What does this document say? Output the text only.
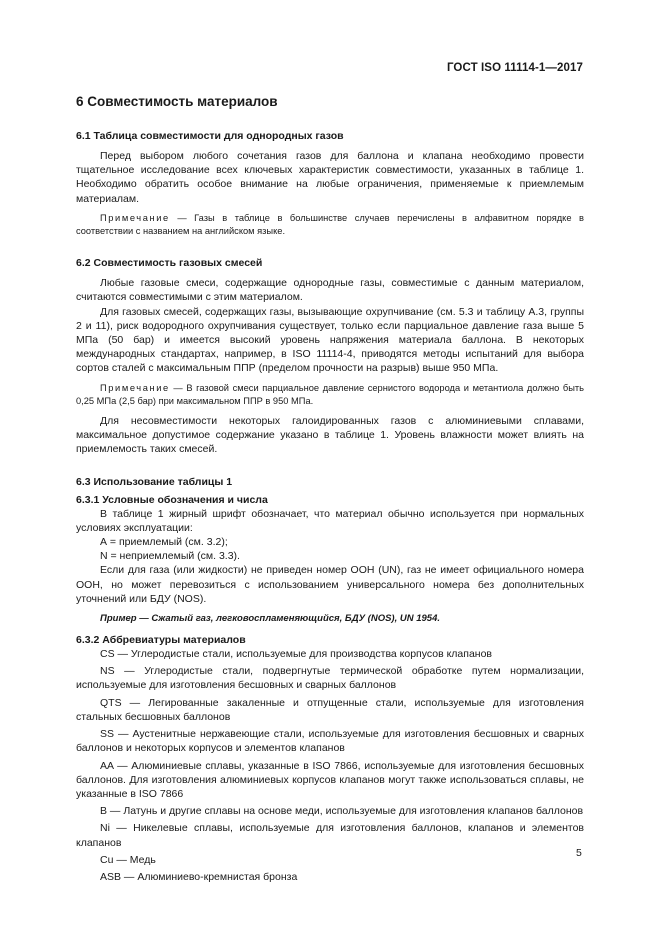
ГОСТ ISO 11114-1—2017
6 Совместимость материалов
6.1 Таблица совместимости для однородных газов

Перед выбором любого сочетания газов для баллона и клапана необходимо провести тщательное исследование всех ключевых характеристик совместимости, указанных в таблице 1. Необходимо обратить особое внимание на любые ограничения, применяемые к приемлемым материалам.

Примечание — Газы в таблице в большинстве случаев перечислены в алфавитном порядке в соответствии с названием на английском языке.

6.2 Совместимость газовых смесей

Любые газовые смеси, содержащие однородные газы, совместимые с данным материалом, считаются совместимыми с этим материалом.

Для газовых смесей, содержащих газы, вызывающие охрупчивание (см. 5.3 и таблицу А.3, группы 2 и 11), риск водородного охрупчивания существует, только если парциальное давление газа выше 5 МПа (50 бар) и имеется высокий уровень напряжения материала баллона. В некоторых международных стандартах, например, в ISO 11114-4, приводятся методы испытаний для выбора сортов сталей с максимальным ППР (пределом прочности на разрыв) выше 950 МПа.

Примечание — В газовой смеси парциальное давление сернистого водорода и метантиола должно быть 0,25 МПа (2,5 бар) при максимальном ППР в 950 МПа.

Для несовместимости некоторых галоидированных газов с алюминиевыми сплавами, максимальное допустимое содержание указано в таблице 1. Уровень влажности может влиять на приемлемость таких смесей.

6.3 Использование таблицы 1
6.3.1 Условные обозначения и числа

В таблице 1 жирный шрифт обозначает, что материал обычно используется при нормальных условиях эксплуатации:

А = приемлемый (см. 3.2);

N = неприемлемый (см. 3.3).

Если для газа (или жидкости) не приведен номер ООН (UN), газ не имеет официального номера ООН, но может перевозиться с использованием универсального номера без дополнительных уточнений или БДУ (NOS).

Пример — Сжатый газ, легковоспламеняющийся, БДУ (NOS), UN 1954.

6.3.2 Аббревиатуры материалов

CS — Углеродистые стали, используемые для производства корпусов клапанов

NS — Углеродистые стали, подвергнутые термической обработке путем нормализации, используемые для изготовления бесшовных и сварных баллонов

QTS — Легированные закаленные и отпущенные стали, используемые для изготовления стальных бесшовных баллонов

SS — Аустенитные нержавеющие стали, используемые для изготовления бесшовных и сварных баллонов и некоторых корпусов и элементов клапанов

AA — Алюминиевые сплавы, указанные в ISO 7866, используемые для изготовления бесшовных баллонов. Для изготовления алюминиевых корпусов клапанов могут также использоваться сплавы, не указанные в ISO 7866

B — Латунь и другие сплавы на основе меди, используемые для изготовления клапанов баллонов

Ni — Никелевые сплавы, используемые для изготовления баллонов, клапанов и элементов клапанов

Cu — Медь

ASB — Алюминиево-кремнистая бронза

5
